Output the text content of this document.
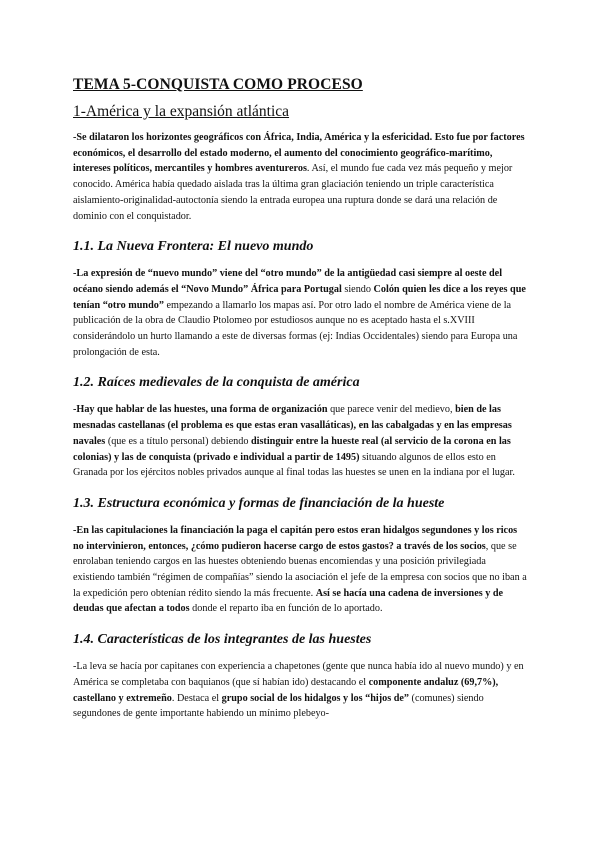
TEMA 5-CONQUISTA COMO PROCESO
1-América y la expansión atlántica

-Se dilataron los horizontes geográficos con África, India, América y la esfericidad. Esto fue por factores económicos, el desarrollo del estado moderno, el aumento del conocimiento geográfico-marítimo, intereses políticos, mercantiles y hombres aventureros. Así, el mundo fue cada vez más pequeño y mejor conocido. América había quedado aislada tras la última gran glaciación teniendo un triple característica aislamiento-originalidad-autoctonía siendo la entrada europea una ruptura donde se dará una relación de dominio con el conquistador.

1.1. La Nueva Frontera: El nuevo mundo

-La expresión de “nuevo mundo” viene del “otro mundo” de la antigüedad casi siempre al oeste del océano siendo además el “Novo Mundo” África para Portugal siendo Colón quien les dice a los reyes que tenían “otro mundo” empezando a llamarlo los mapas así. Por otro lado el nombre de América viene de la publicación de la obra de Claudio Ptolomeo por estudiosos aunque no es aceptado hasta el s.XVIII considerándolo un hurto llamando a este de diversas formas (ej: Indias Occidentales) siendo para Europa una prolongación de esta.

1.2. Raíces medievales de la conquista de américa

-Hay que hablar de las huestes, una forma de organización que parece venir del medievo, bien de las mesnadas castellanas (el problema es que estas eran vasalláticas), en las cabalgadas y en las empresas navales (que es a título personal) debiendo distinguir entre la hueste real (al servicio de la corona en las colonias) y las de conquista (privado e individual a partir de 1495) situando algunos de ellos esto en Granada por los ejércitos nobles privados aunque al final todas las huestes se unen en la indiana por el lugar.

1.3. Estructura económica y formas de financiación de la hueste

-En las capitulaciones la financiación la paga el capitán pero estos eran hidalgos segundones y los ricos no intervinieron, entonces, ¿cómo pudieron hacerse cargo de estos gastos? a través de los socios, que se enrolaban teniendo cargos en las huestes obteniendo buenas encomiendas y una posición privilegiada existiendo también “régimen de compañías” siendo la asociación el jefe de la empresa con socios que no iban a la expedición pero obtenían rédito siendo la más frecuente. Así se hacía una cadena de inversiones y de deudas que afectan a todos donde el reparto iba en función de lo aportado.

1.4. Características de los integrantes de las huestes

-La leva se hacía por capitanes con experiencia a chapetones (gente que nunca había ido al nuevo mundo) y en América se completaba con baquianos (que sí habían ido) destacando el componente andaluz (69,7%), castellano y extremeño. Destaca el grupo social de los hidalgos y los “hijos de” (comunes) siendo segundones de gente importante habiendo un mínimo plebeyo-
